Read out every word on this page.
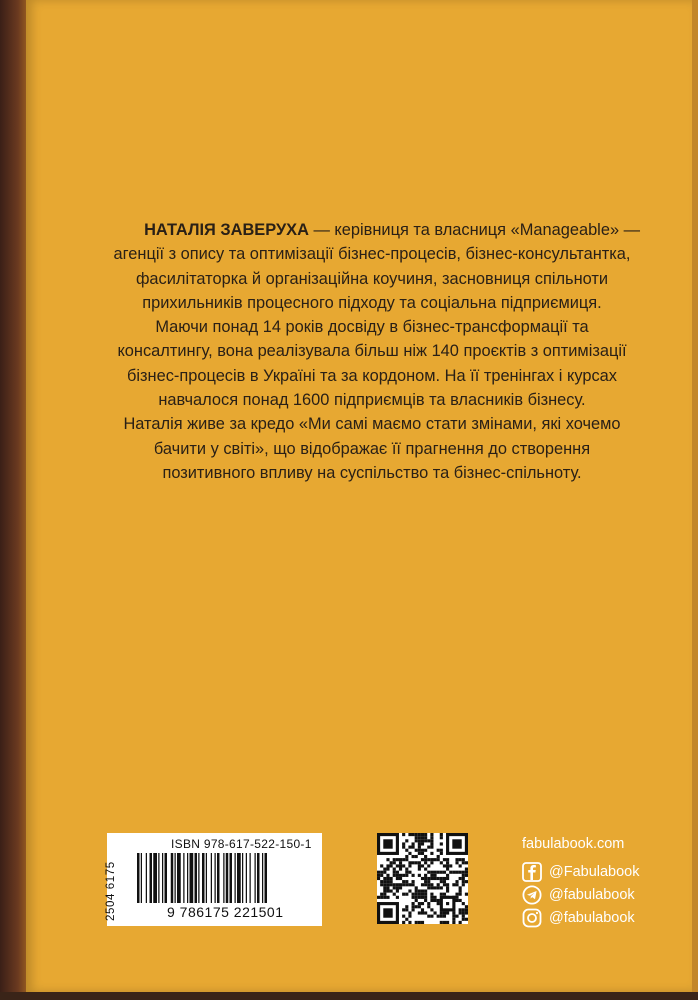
НАТАЛІЯ ЗАВЕРУХА — керівниця та власниця «Manageable» —

агенції з опису та оптимізації бізнес-процесів, бізнес-консультантка,

фасилітаторка й організаційна коучиня, засновниця спільноти

прихильників процесного підходу та соціальна підприємиця.

Маючи понад 14 років досвіду в бізнес-трансформації та

консалтингу, вона реалізувала більш ніж 140 проєктів з оптимізації

бізнес-процесів в Україні та за кордоном. На її тренінгах і курсах

навчалося понад 1600 підприємців та власників бізнесу.

Наталія живе за кредо «Ми самі маємо стати змінами, які хочемо

бачити у світі», що відображає її прагнення до створення

позитивного впливу на суспільство та бізнес-спільноту.

ISBN 978-617-522-150-1
2504 6175	9 786175 221501
fabulabook.com
@Fabulabook
@fabulabook
@fabulabook
